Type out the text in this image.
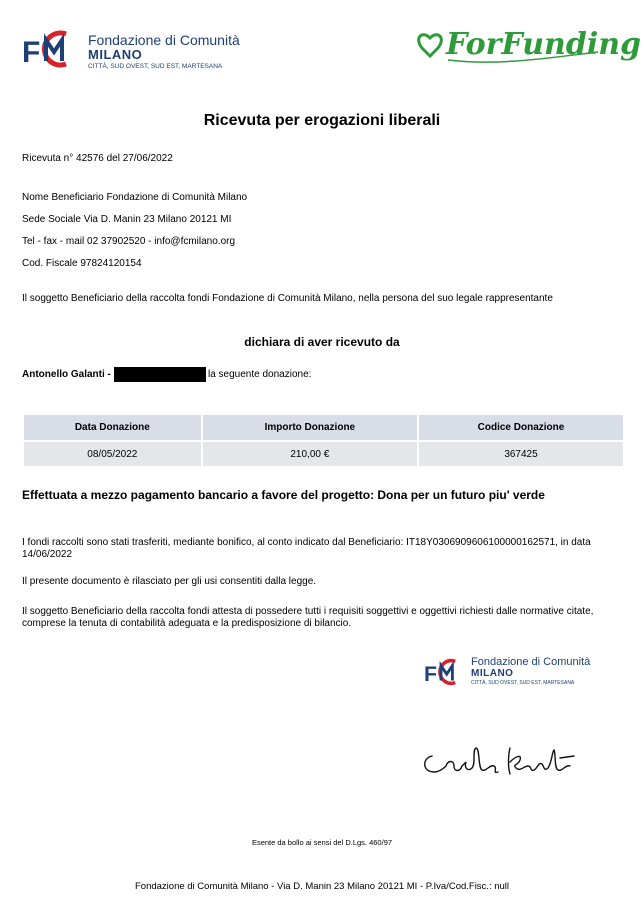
F	Fondazione di Comunità
MILANO
CITTÀ, SUD OVEST, SUD EST, MARTESANA
ForFunding
Ricevuta per erogazioni liberali
Ricevuta n° 42576 del 27/06/2022
Nome Beneficiario Fondazione di Comunità Milano
Sede Sociale Via D. Manin 23 Milano 20121 MI
Tel - fax - mail 02 37902520 - info@fcmilano.org
Cod. Fiscale 97824120154
Il soggetto Beneficiario della raccolta fondi Fondazione di Comunità Milano, nella persona del suo legale rappresentante
dichiara di aver ricevuto da
Antonello Galanti -	la seguente donazione:
Data Donazione	Importo Donazione	Codice Donazione
08/05/2022	210,00 €	367425
Effettuata a mezzo pagamento bancario a favore del progetto: Dona per un futuro piu' verde
I fondi raccolti sono stati trasferiti, mediante bonifico, al conto indicato dal Beneficiario: IT18Y0306909606100000162571, in data 14/06/2022
Il presente documento è rilasciato per gli usi consentiti dalla legge.
Il soggetto Beneficiario della raccolta fondi attesta di possedere tutti i requisiti soggettivi e oggettivi richiesti dalle normative citate, comprese la tenuta di contabilità adeguata e la predisposizione di bilancio.
F
Fondazione di Comunità
MILANO
CITTÀ, SUD OVEST, SUD EST, MARTESANA
Esente da bollo ai sensi del D.Lgs. 460/97
Fondazione di Comunità Milano - Via D. Manin 23 Milano 20121 MI - P.Iva/Cod.Fisc.: null
